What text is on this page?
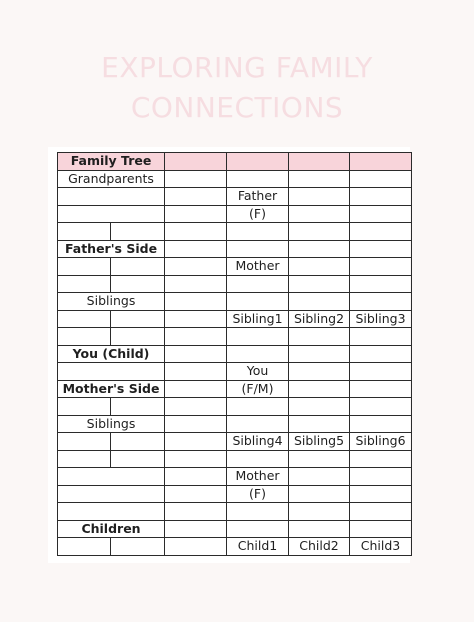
EXPLORING FAMILY
CONNECTIONS
Family Tree					
Grandparents					
			Father		
			(F)		

Father's Side					
			Mother		

Siblings					
			Sibling1	Sibling2	Sibling3

You (Child)					
			You		
Mother's Side			(F/M)		

Siblings					
			Sibling4	Sibling5	Sibling6

			Mother		
			(F)		

Children					
			Child1	Child2	Child3
